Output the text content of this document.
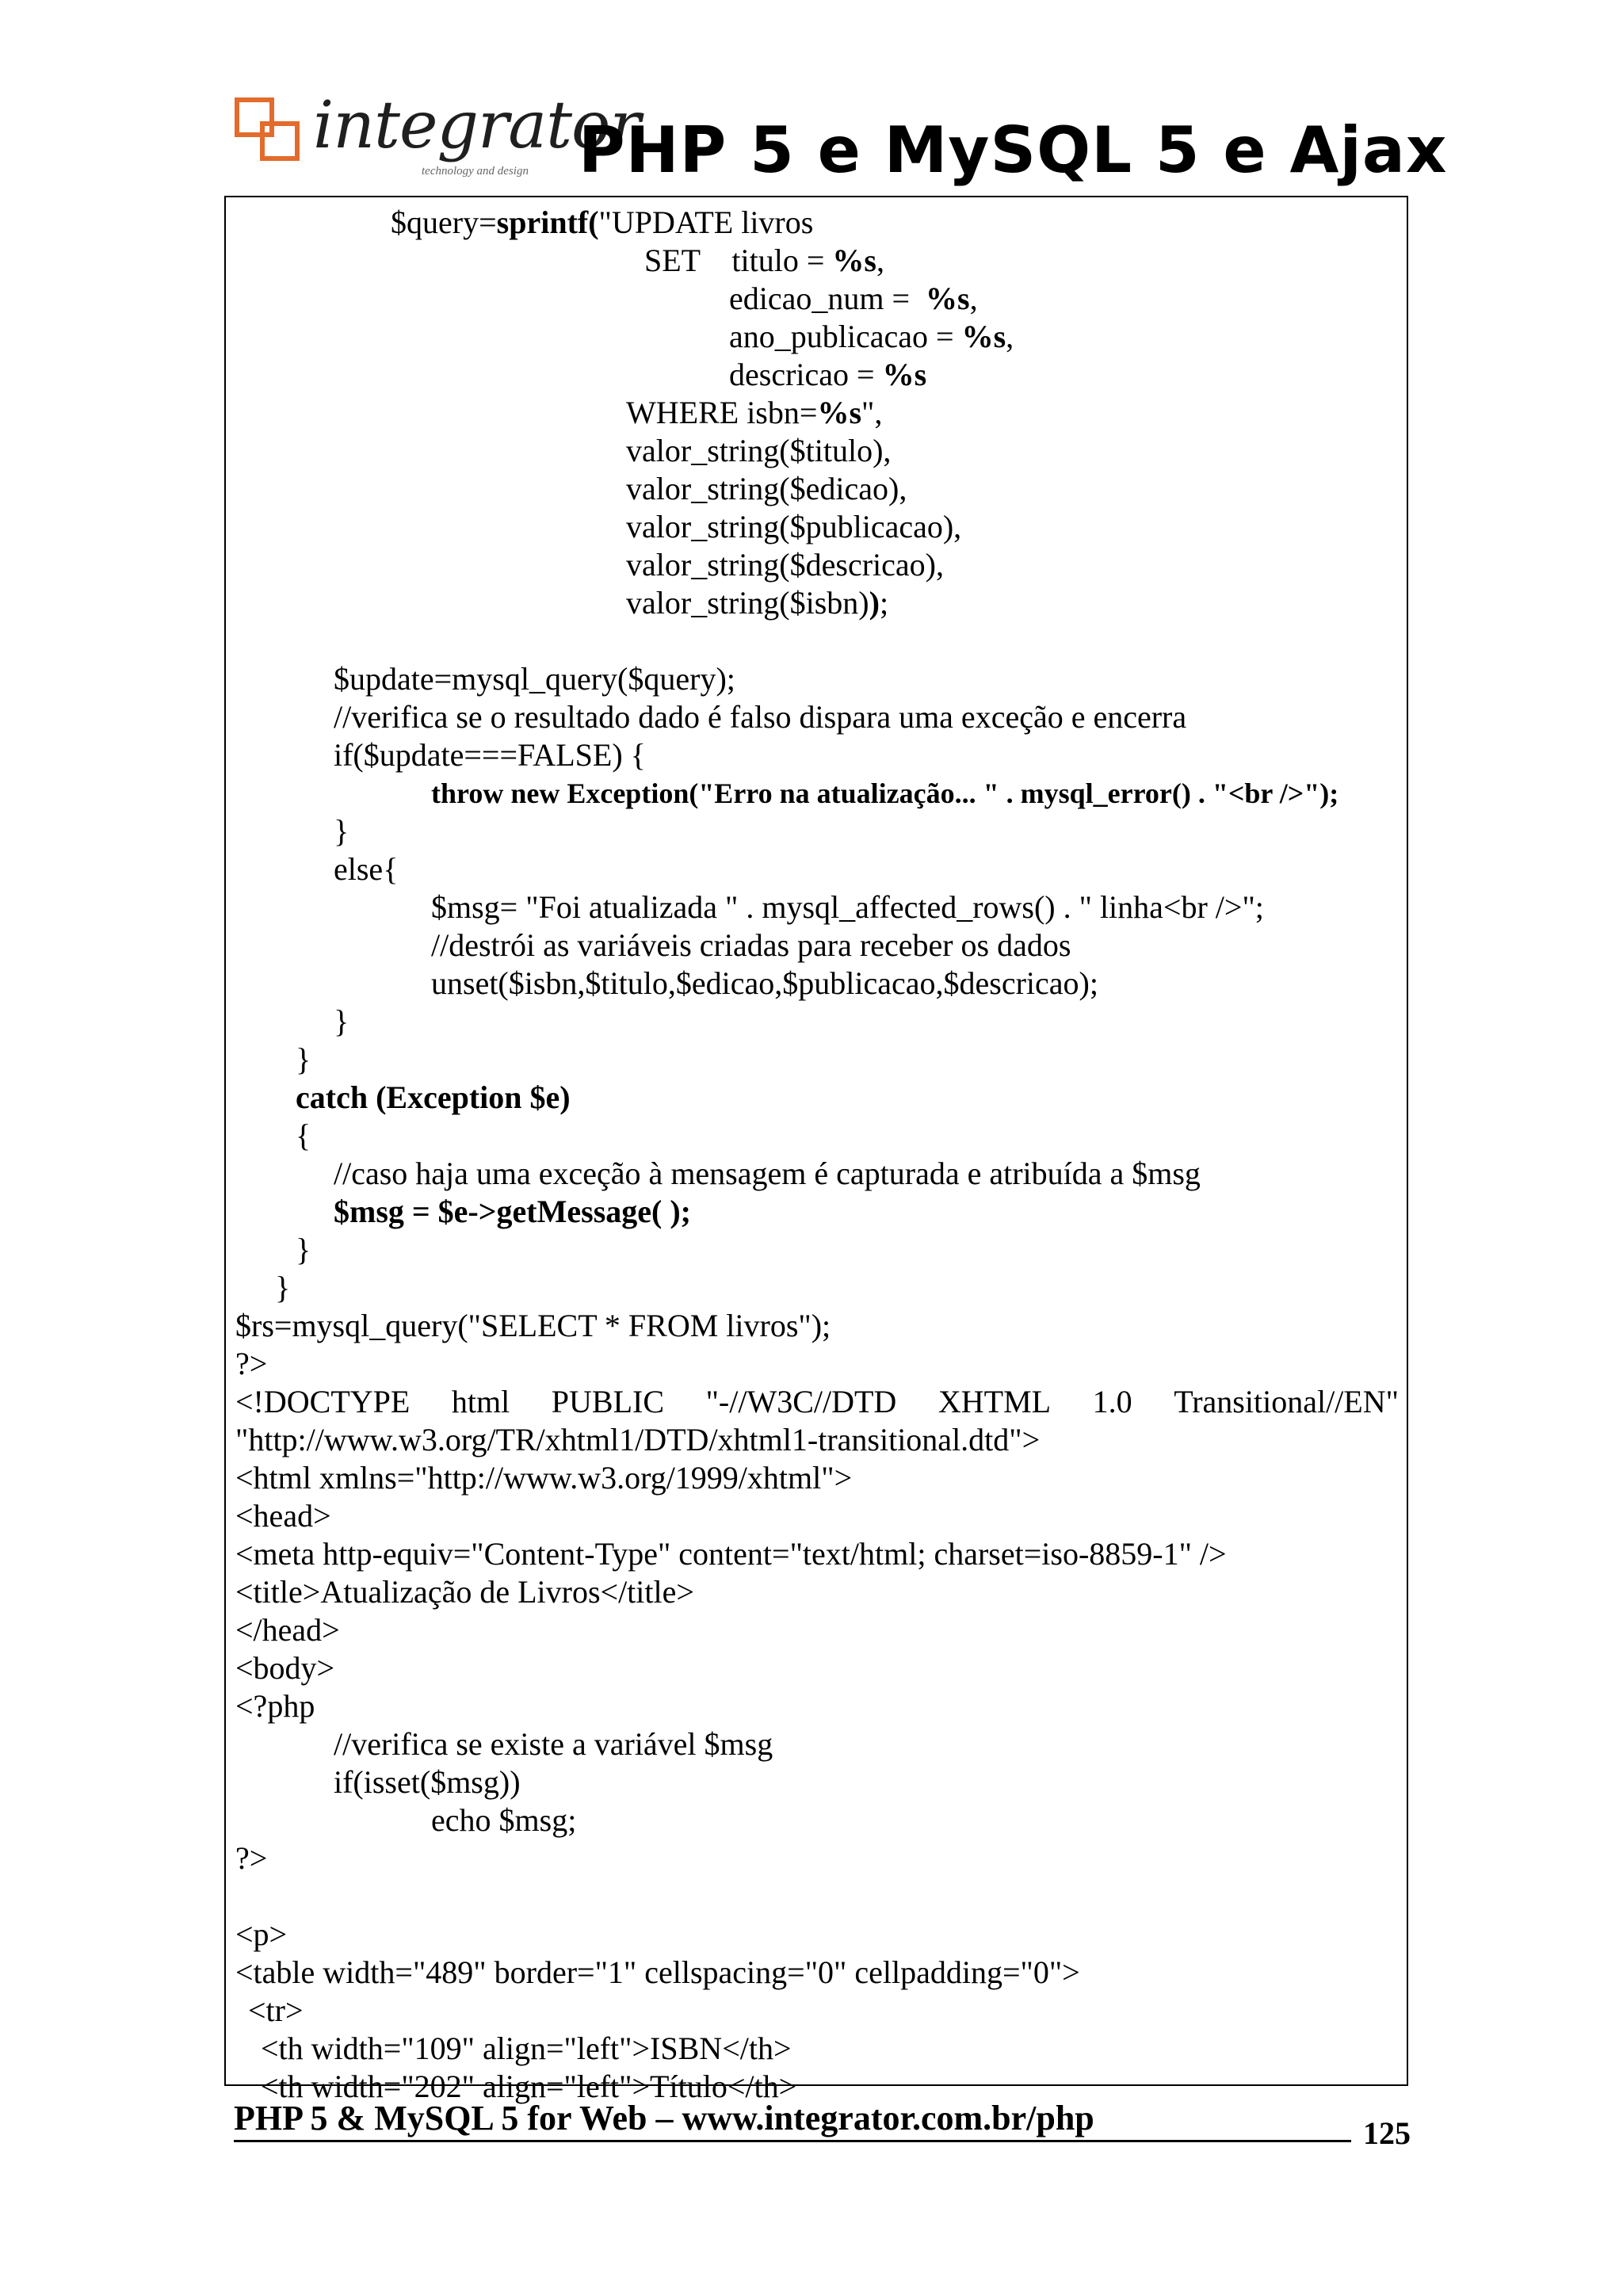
integrator
technology and design PHP 5 e MySQL 5 e Ajax
$query=sprintf("UPDATE livros
SET    titulo = %s,
edicao_num =  %s,
ano_publicacao = %s,
descricao = %s
WHERE isbn=%s",
valor_string($titulo),
valor_string($edicao),
valor_string($publicacao),
valor_string($descricao),
valor_string($isbn));
$update=mysql_query($query);
//verifica se o resultado dado é falso dispara uma exceção e encerra
if($update===FALSE) {
throw new Exception("Erro na atualização... " . mysql_error() . "<br />");
}
else{
$msg= "Foi atualizada " . mysql_affected_rows() . " linha<br />";
//destrói as variáveis criadas para receber os dados
unset($isbn,$titulo,$edicao,$publicacao,$descricao);
}
}
catch (Exception $e)
{
//caso haja uma exceção à mensagem é capturada e atribuída a $msg
$msg = $e->getMessage( );
}
}
$rs=mysql_query("SELECT * FROM livros");
?>
<!DOCTYPE html PUBLIC "-//W3C//DTD XHTML 1.0 Transitional//EN"
"http://www.w3.org/TR/xhtml1/DTD/xhtml1-transitional.dtd">
<html xmlns="http://www.w3.org/1999/xhtml">
<head>
<meta http-equiv="Content-Type" content="text/html; charset=iso-8859-1" />
<title>Atualização de Livros</title>
</head>
<body>
<?php
//verifica se existe a variável $msg
if(isset($msg))
echo $msg;
?>
<p>
<table width="489" border="1" cellspacing="0" cellpadding="0">
<tr>
<th width="109" align="left">ISBN</th>
<th width="202" align="left">Título</th>
PHP 5 & MySQL 5 for Web – www.integrator.com.br/php	125
